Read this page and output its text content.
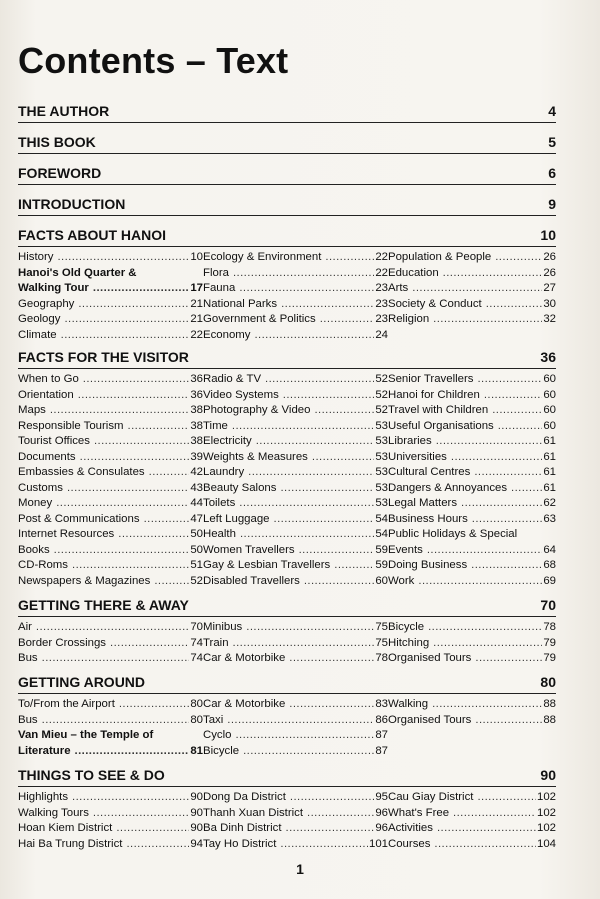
Contents – Text
THE AUTHOR	4
THIS BOOK	5
FOREWORD	6
INTRODUCTION	9
FACTS ABOUT HANOI	10
History .....	10
Hanoi's Old Quarter &
Walking Tour .....	17
Geography .....	21
Geology .....	21
Climate .....	22
Ecology & Environment .....	22
Flora .....	22
Fauna .....	23
National Parks .....	23
Government & Politics .....	23
Economy .....	24
Population & People .....	26
Education .....	26
Arts .....	27
Society & Conduct .....	30
Religion .....	32
FACTS FOR THE VISITOR	36
When to Go .....	36
Orientation .....	36
Maps .....	38
Responsible Tourism .....	38
Tourist Offices .....	38
Documents .....	39
Embassies & Consulates .....	42
Customs .....	43
Money .....	44
Post & Communications .....	47
Internet Resources .....	50
Books .....	50
CD-Roms .....	51
Newspapers & Magazines .....	52
Radio & TV .....	52
Video Systems .....	52
Photography & Video .....	52
Time .....	53
Electricity .....	53
Weights & Measures .....	53
Laundry .....	53
Beauty Salons .....	53
Toilets .....	53
Left Luggage .....	54
Health .....	54
Women Travellers .....	59
Gay & Lesbian Travellers .....	59
Disabled Travellers .....	60
Senior Travellers .....	60
Hanoi for Children .....	60
Travel with Children .....	60
Useful Organisations .....	60
Libraries .....	61
Universities .....	61
Cultural Centres .....	61
Dangers & Annoyances .....	61
Legal Matters .....	62
Business Hours .....	63
Public Holidays & Special
Events .....	64
Doing Business .....	68
Work .....	69
GETTING THERE & AWAY	70
Air .....	70
Border Crossings .....	74
Bus .....	74
Minibus .....	75
Train .....	75
Car & Motorbike .....	78
Bicycle .....	78
Hitching .....	79
Organised Tours .....	79
GETTING AROUND	80
To/From the Airport .....	80
Bus .....	80
Van Mieu – the Temple of
Literature .....	81
Car & Motorbike .....	83
Taxi .....	86
Cyclo .....	87
Bicycle .....	87
Walking .....	88
Organised Tours .....	88
THINGS TO SEE & DO	90
Highlights .....	90
Walking Tours .....	90
Hoan Kiem District .....	90
Hai Ba Trung District .....	94
Dong Da District .....	95
Thanh Xuan District .....	96
Ba Dinh District .....	96
Tay Ho District .....	101
Cau Giay District .....	102
What's Free .....	102
Activities .....	102
Courses .....	104
1
